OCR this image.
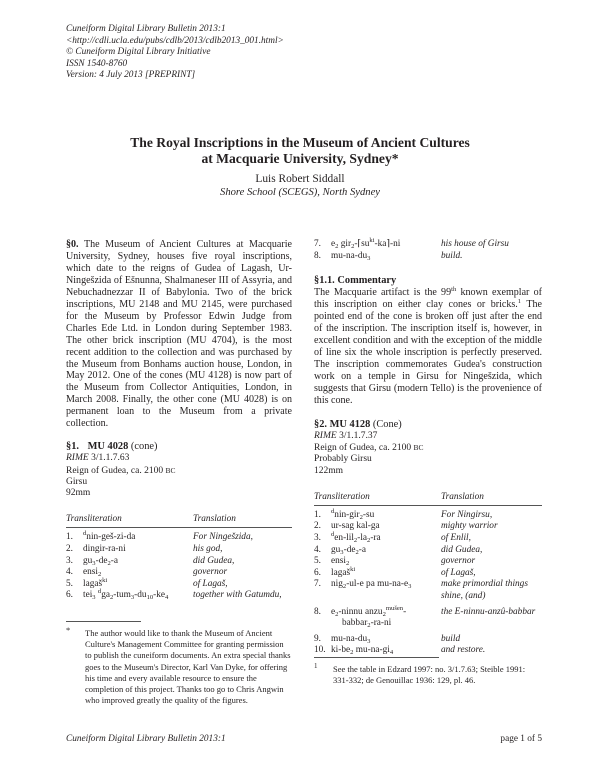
Cuneiform Digital Library Bulletin 2013:1
<http://cdli.ucla.edu/pubs/cdlb/2013/cdlb2013_001.html>
© Cuneiform Digital Library Initiative
ISSN 1540-8760
Version: 4 July 2013 [PREPRINT]
The Royal Inscriptions in the Museum of Ancient Cultures
at Macquarie University, Sydney*
Luis Robert Siddall
Shore School (SCEGS), North Sydney
§0. The Museum of Ancient Cultures at Macquarie University, Sydney, houses five royal inscriptions, which date to the reigns of Gudea of Lagash, Ur-Ningešzida of Ešnunna, Shalmaneser III of Assyria, and Nebuchadnezzar II of Babylonia. Two of the brick inscriptions, MU 2148 and MU 2145, were purchased for the Museum by Professor Edwin Judge from Charles Ede Ltd. in London during September 1983. The other brick inscription (MU 4704), is the most recent addition to the collection and was purchased by the Museum from Bonhams auction house, London, in May 2012. One of the cones (MU 4128) is now part of the Museum from Collector Antiquities, London, in March 2008. Finally, the other cone (MU 4028) is on permanent loan to the Museum from a private collection.
§1. MU 4028 (cone)
RIME 3/1.1.7.63
Reign of Gudea, ca. 2100 BC
Girsu
92mm
Transliteration	Translation
1. $^d$nin-geš-zi-da	For Ningešzida,
2. dingir-ra-ni	his god,
3. $gu_3-de_2-a$	did Gudea,
4. ensi$_2$	governor
5. lagaš$^{ki}$	of Lagaš,
6. tei$_3$ $^dga_2-tum_3-du_{10}-ke_4$	together with Gatumdu,
* The author would like to thank the Museum of Ancient Culture's Management Committee for granting permission to publish the cuneiform documents. An extra special thanks goes to the Museum's Director, Karl Van Dyke, for offering his time and every available resource to ensure the completion of this project. Thanks too go to Chris Angwin who improved greatly the quality of the figures.
7. $e_2$ $gir_2-⌈su^{ki}-ka⌉-ni$	his house of Girsu
8. $mu-na-du_3$	build.
§1.1. Commentary
The Macquarie artifact is the 99th known exemplar of this inscription on either clay cones or bricks.$^1$ The pointed end of the cone is broken off just after the end of the inscription. The inscription itself is, however, in excellent condition and with the exception of the middle of line six the whole inscription is perfectly preserved. The inscription commemorates Gudea's construction work on a temple in Girsu for Ningešzida, which suggests that Girsu (modern Tello) is the provenience of this cone.
§2. MU 4128 (Cone)
RIME 3/1.1.7.37
Reign of Gudea, ca. 2100 BC
Probably Girsu
122mm
Transliteration	Translation
1. $^d$nin-gir$_2$-su	For Ningirsu,
2. ur-sag kal-ga	mighty warrior
3. $^den-lil_2-la_2-ra$	of Enlil,
4. $gu_3-de_2-a$	did Gudea,
5. ensi$_2$	governor
6. lagaš$^{ki}$	of Lagaš,
7. nig$_2$-ul-e pa $mu-na-e_3$	make primordial things
shine, (and)
8. $e_2$-ninnu anzu$_2^{mušen}$-	the E-ninnu-anzû-babbar
babbar$_2$-ra-ni
9. $mu-na-du_3$	build
10. $ki-be_2$ $mu-na-gi_4$	and restore.
1 See the table in Edzard 1997: no. 3/1.7.63; Steible 1991: 331-332; de Genouillac 1936: 129, pl. 46.
Cuneiform Digital Library Bulletin 2013:1	page 1 of 5
